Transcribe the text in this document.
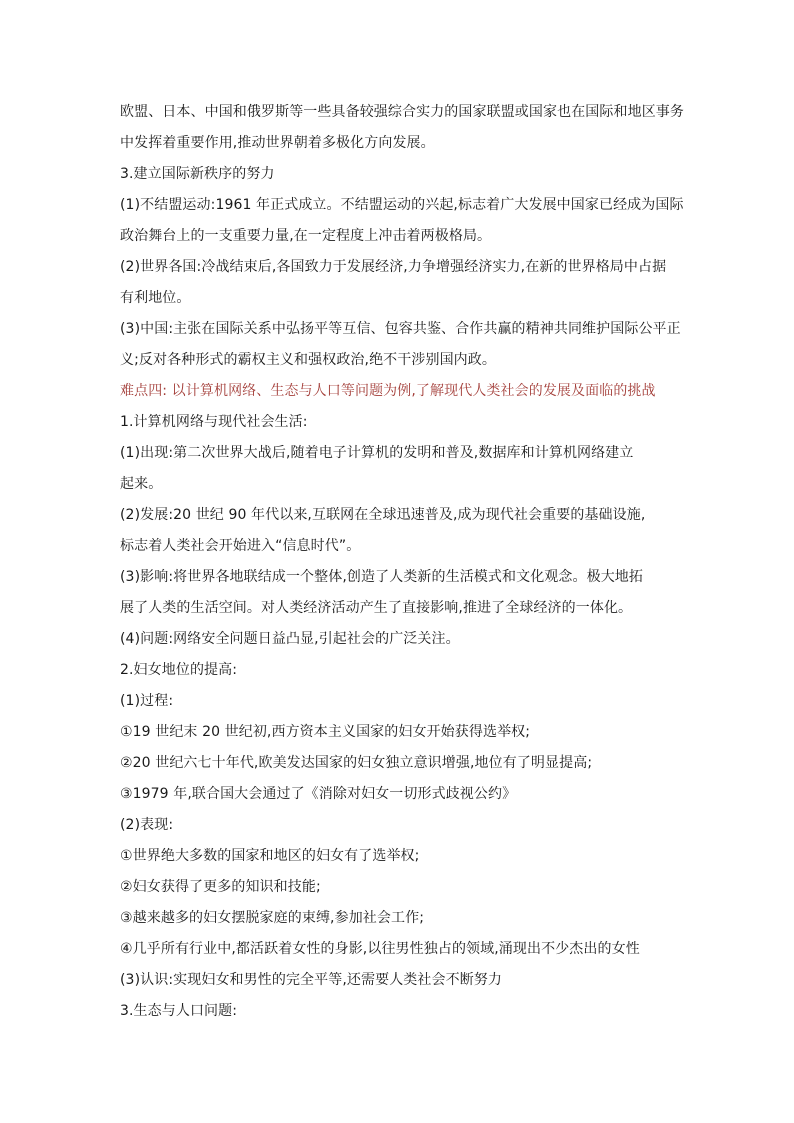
欧盟、日本、中国和俄罗斯等一些具备较强综合实力的国家联盟或国家也在国际和地区事务
中发挥着重要作用,推动世界朝着多极化方向发展。
3.建立国际新秩序的努力
(1)不结盟运动:1961 年正式成立。不结盟运动的兴起,标志着广大发展中国家已经成为国际
政治舞台上的一支重要力量,在一定程度上冲击着两极格局。
(2)世界各国:冷战结束后,各国致力于发展经济,力争增强经济实力,在新的世界格局中占据
有利地位。
(3)中国:主张在国际关系中弘扬平等互信、包容共鉴、合作共赢的精神共同维护国际公平正
义;反对各种形式的霸权主义和强权政治,绝不干涉别国内政。
难点四: 以计算机网络、生态与人口等问题为例,了解现代人类社会的发展及面临的挑战
1.计算机网络与现代社会生活:
(1)出现:第二次世界大战后,随着电子计算机的发明和普及,数据库和计算机网络建立
起来。
(2)发展:20 世纪 90 年代以来,互联网在全球迅速普及,成为现代社会重要的基础设施,
标志着人类社会开始进入“信息时代”。
(3)影响:将世界各地联结成一个整体,创造了人类新的生活模式和文化观念。极大地拓
展了人类的生活空间。对人类经济活动产生了直接影响,推进了全球经济的一体化。
(4)问题:网络安全问题日益凸显,引起社会的广泛关注。
2.妇女地位的提高:
(1)过程:
①19 世纪末 20 世纪初,西方资本主义国家的妇女开始获得选举权;
②20 世纪六七十年代,欧美发达国家的妇女独立意识增强,地位有了明显提高;
③1979 年,联合国大会通过了《消除对妇女一切形式歧视公约》
(2)表现:
①世界绝大多数的国家和地区的妇女有了选举权;
②妇女获得了更多的知识和技能;
③越来越多的妇女摆脱家庭的束缚,参加社会工作;
④几乎所有行业中,都活跃着女性的身影,以往男性独占的领域,涌现出不少杰出的女性
(3)认识:实现妇女和男性的完全平等,还需要人类社会不断努力
3.生态与人口问题:
